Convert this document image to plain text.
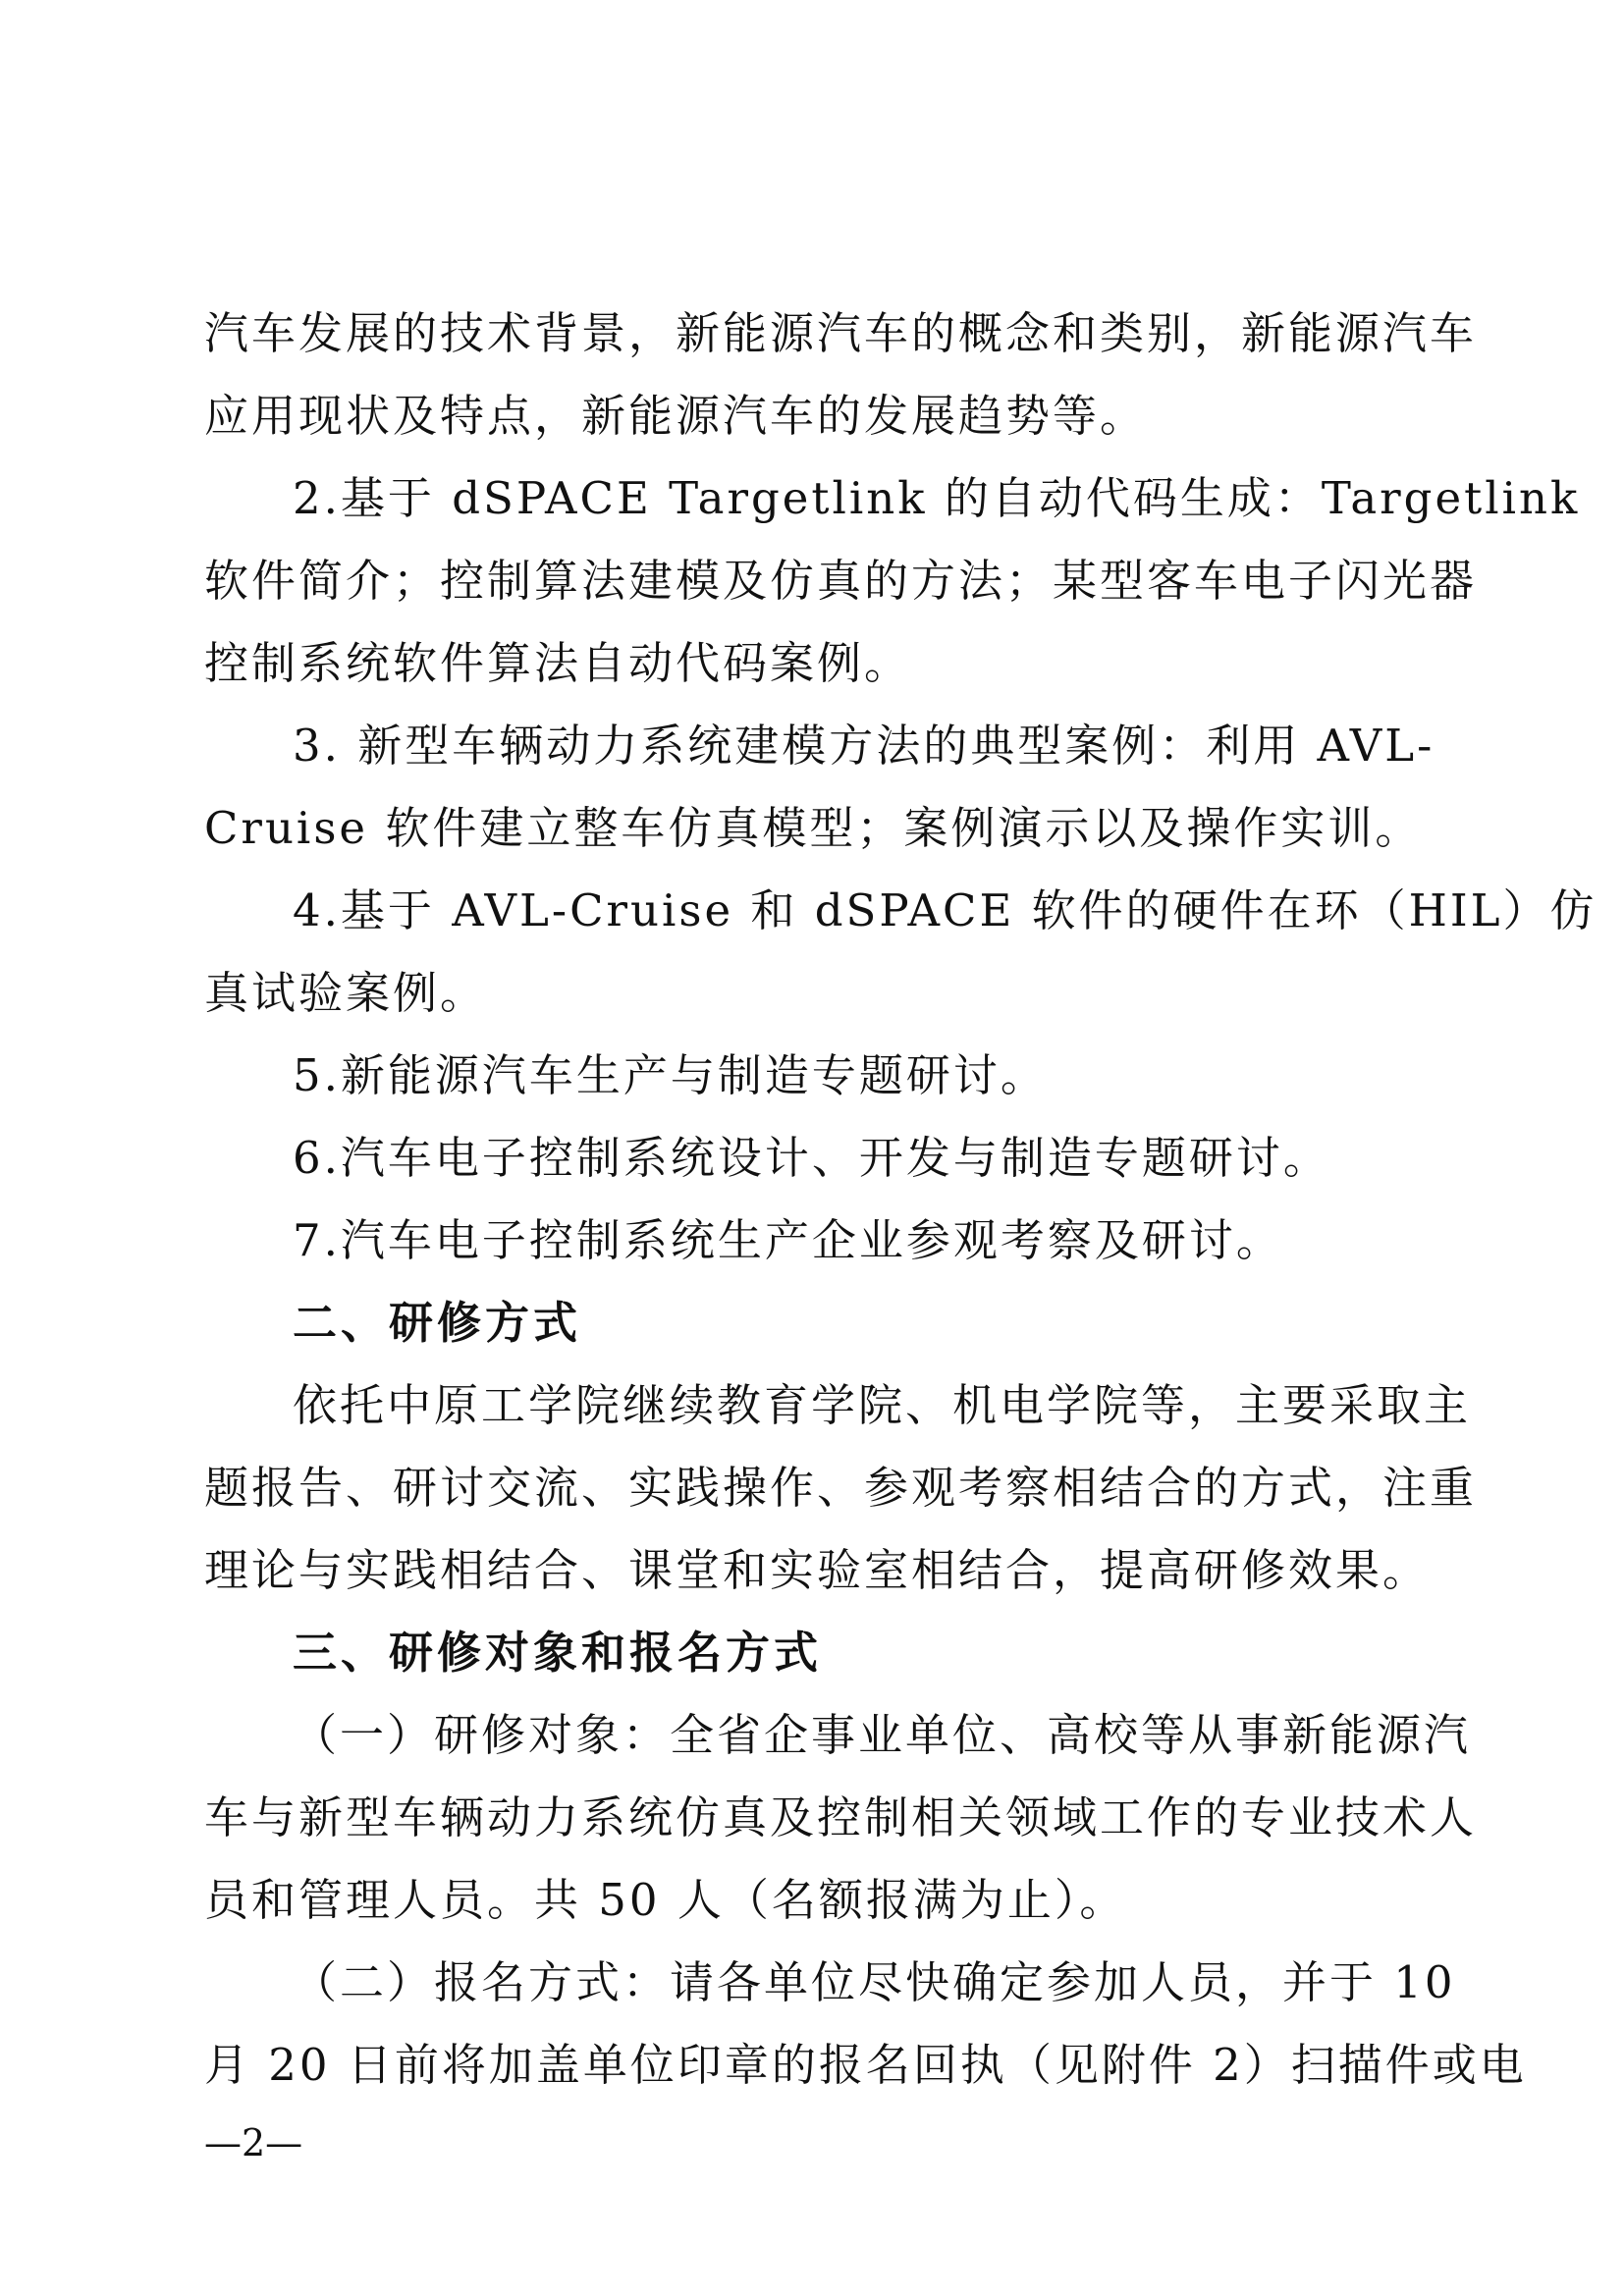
汽车发展的技术背景，新能源汽车的概念和类别，新能源汽车

应用现状及特点，新能源汽车的发展趋势等。

2.基于 dSPACE Targetlink 的自动代码生成：Targetlink

软件简介；控制算法建模及仿真的方法；某型客车电子闪光器

控制系统软件算法自动代码案例。

3. 新型车辆动力系统建模方法的典型案例：利用 AVL-

Cruise 软件建立整车仿真模型；案例演示以及操作实训。

4.基于 AVL-Cruise 和 dSPACE 软件的硬件在环（HIL）仿

真试验案例。

5.新能源汽车生产与制造专题研讨。

6.汽车电子控制系统设计、开发与制造专题研讨。

7.汽车电子控制系统生产企业参观考察及研讨。

二、研修方式

依托中原工学院继续教育学院、机电学院等，主要采取主

题报告、研讨交流、实践操作、参观考察相结合的方式，注重

理论与实践相结合、课堂和实验室相结合，提高研修效果。

三、研修对象和报名方式

（一）研修对象：全省企事业单位、高校等从事新能源汽

车与新型车辆动力系统仿真及控制相关领域工作的专业技术人

员和管理人员。共 50 人（名额报满为止）。

（二）报名方式：请各单位尽快确定参加人员，并于 10

月 20 日前将加盖单位印章的报名回执（见附件 2）扫描件或电

—2—
